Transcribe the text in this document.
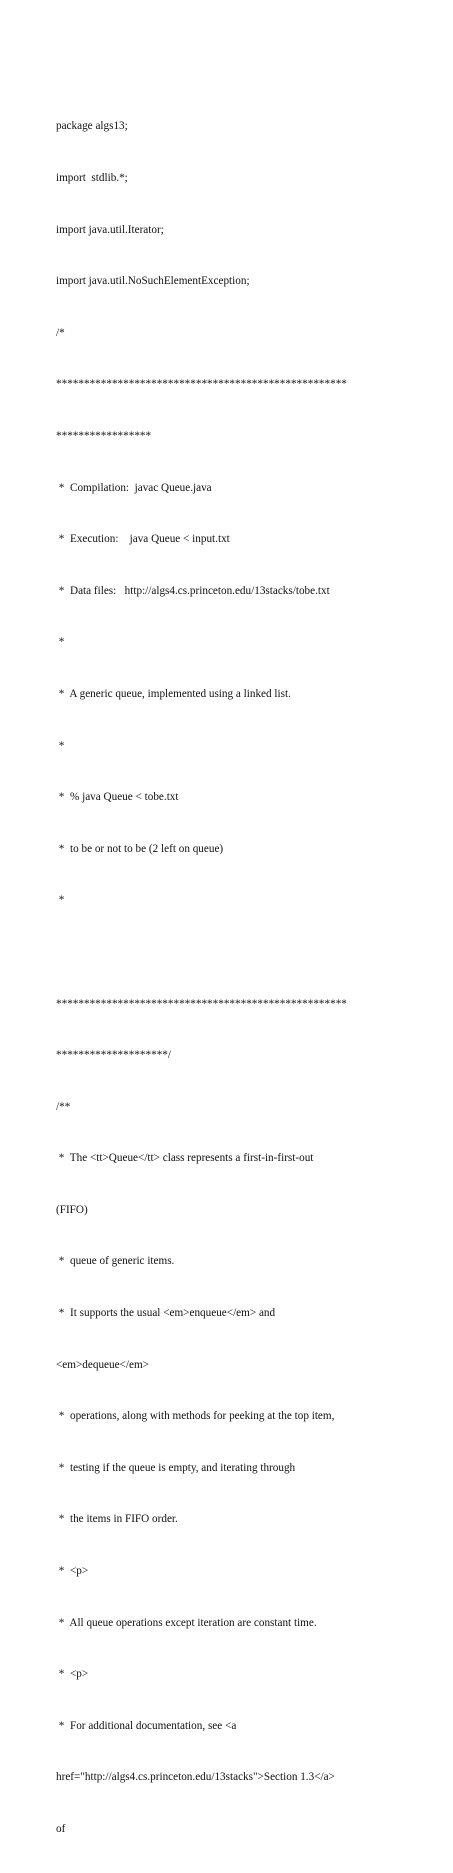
package algs13;

import  stdlib.*;

import java.util.Iterator;

import java.util.NoSuchElementException;

/*

****************************************************

*****************

*  Compilation:  javac Queue.java

*  Execution:    java Queue < input.txt

*  Data files:   http://algs4.cs.princeton.edu/13stacks/tobe.txt

*

*  A generic queue, implemented using a linked list.

*

*  % java Queue < tobe.txt

*  to be or not to be (2 left on queue)

*

****************************************************

********************/

/**

*  The <tt>Queue</tt> class represents a first-in-first-out

(FIFO)

*  queue of generic items.

*  It supports the usual <em>enqueue</em> and

<em>dequeue</em>

*  operations, along with methods for peeking at the top item,

*  testing if the queue is empty, and iterating through

*  the items in FIFO order.

*  <p>

*  All queue operations except iteration are constant time.

*  <p>

*  For additional documentation, see <a

href="http://algs4.cs.princeton.edu/13stacks">Section 1.3</a>

of
